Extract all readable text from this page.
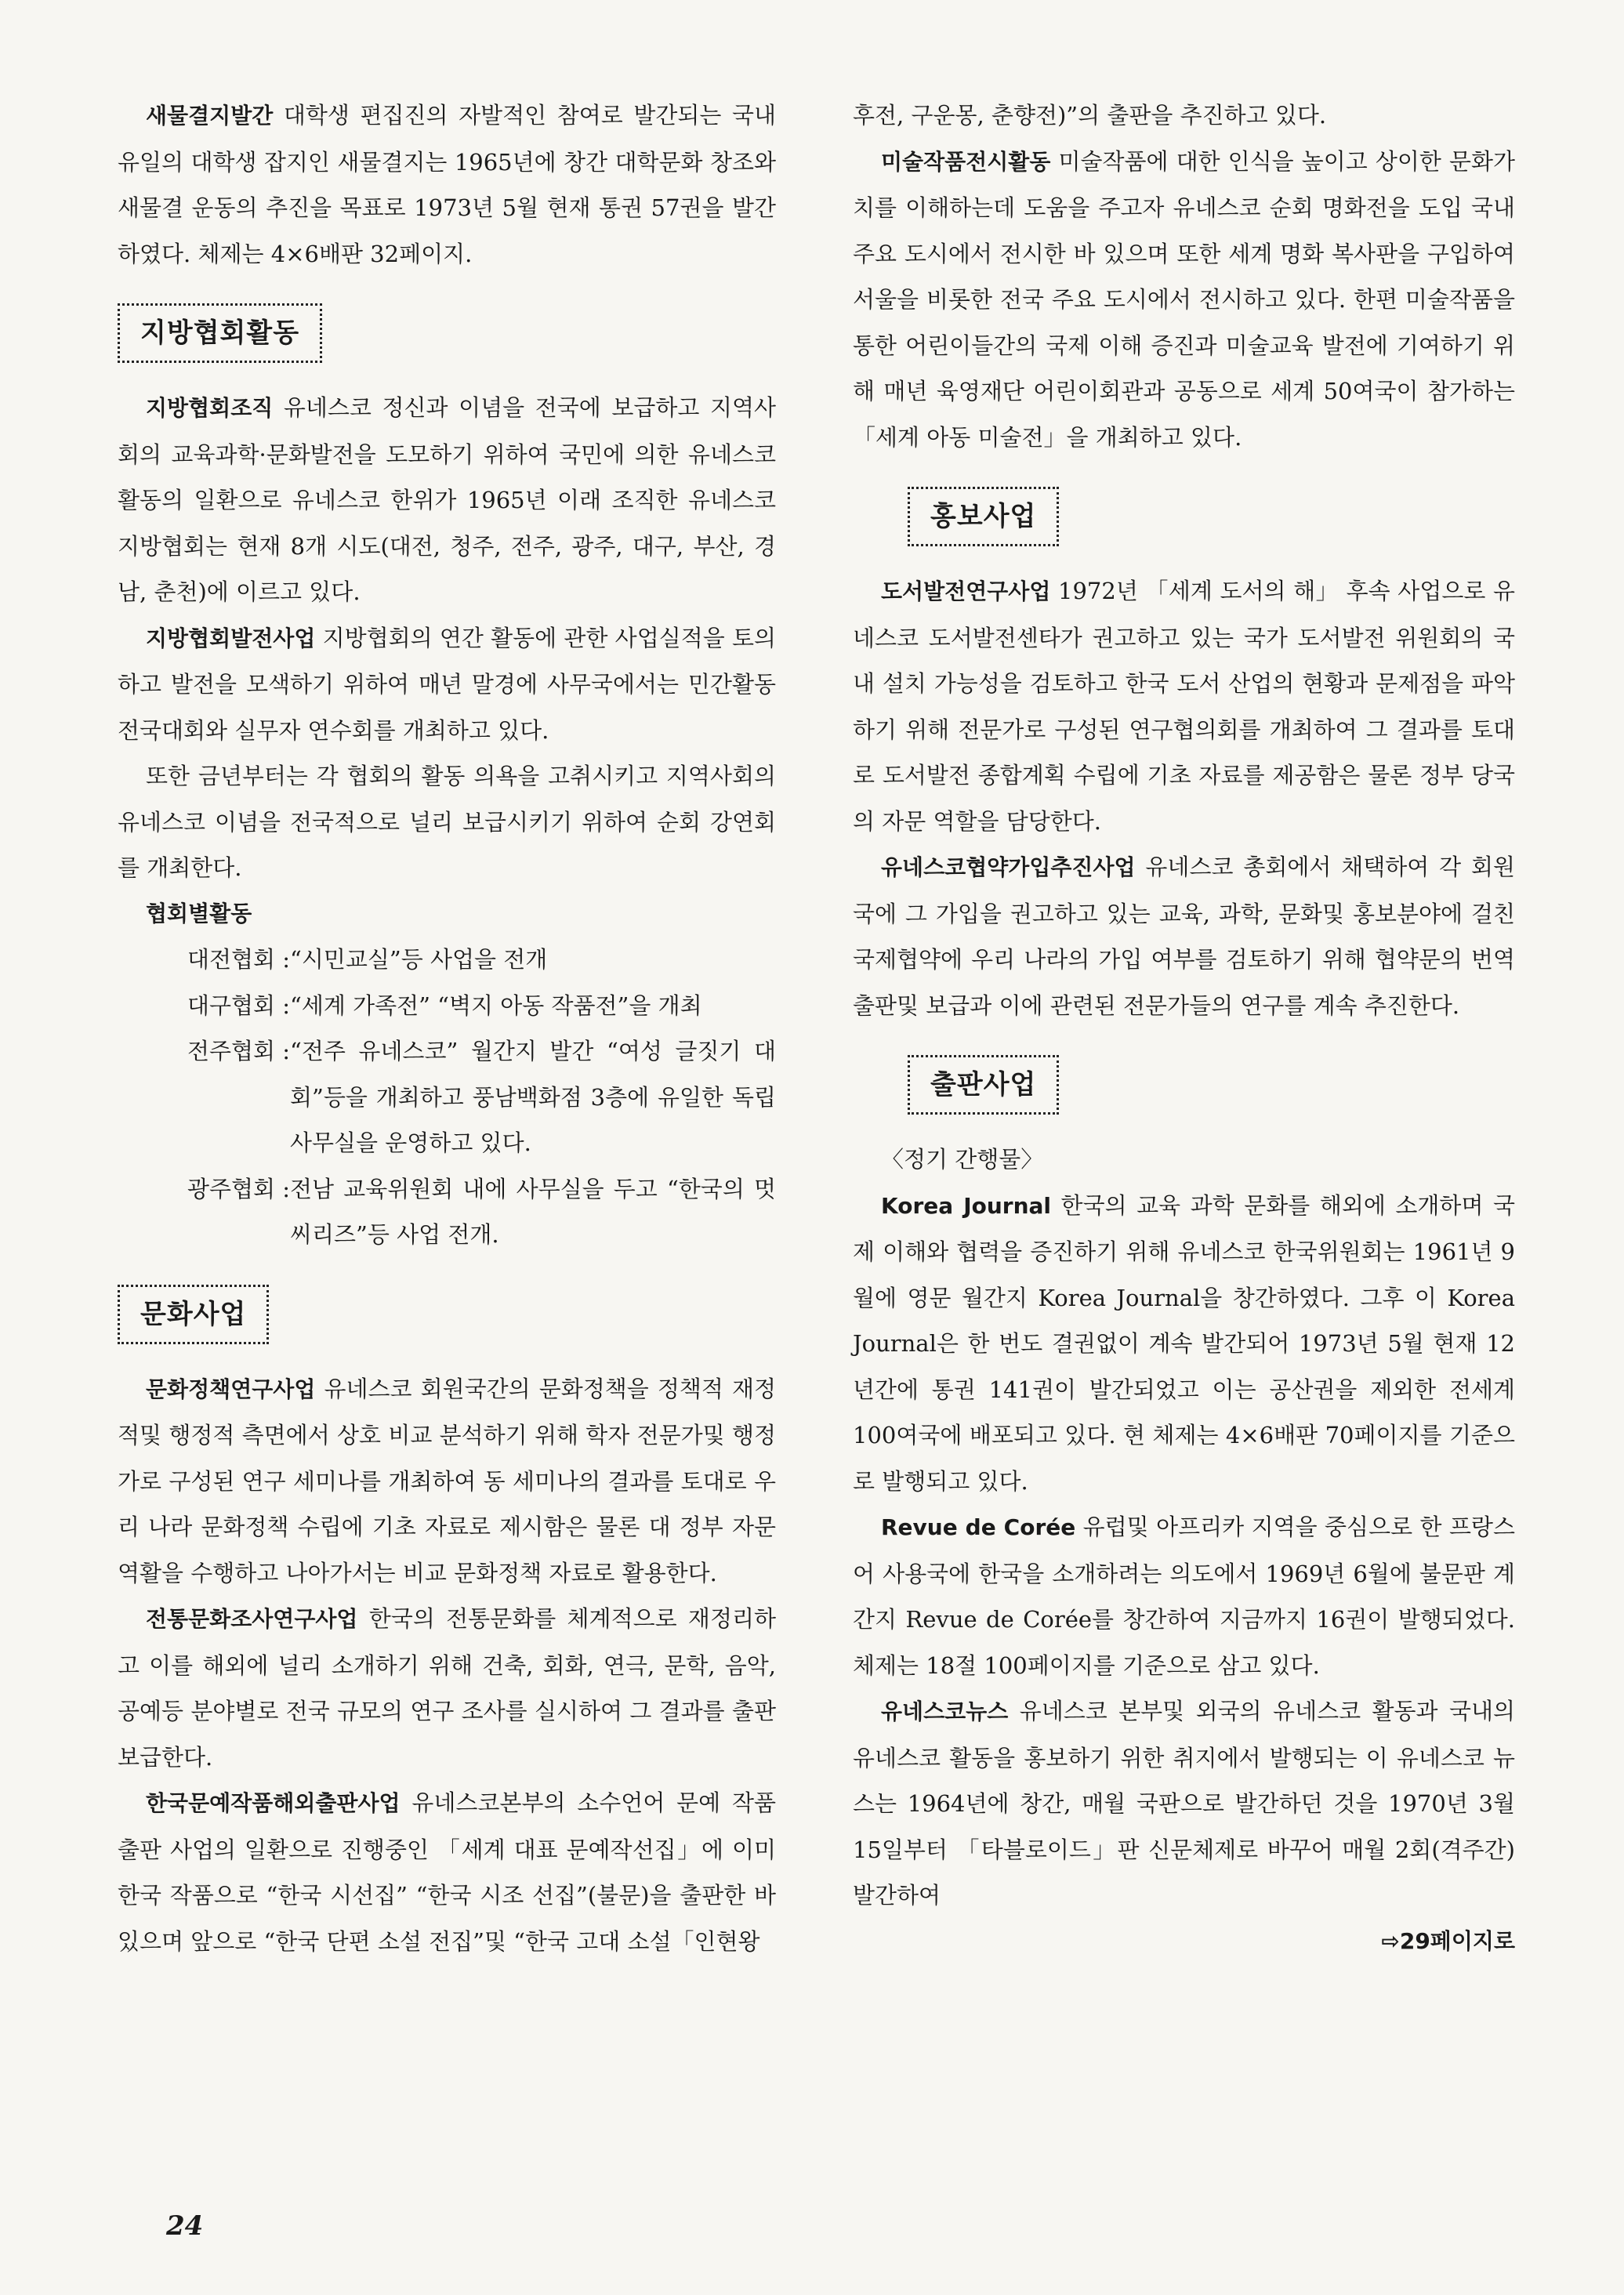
새물결지발간 대학생 편집진의 자발적인 참여로 발간되는 국내 유일의 대학생 잡지인 새물결지는 1965년에 창간 대학문화 창조와 새물결 운동의 추진을 목표로 1973년 5월 현재 통권 57권을 발간하였다. 체제는 4×6배판 32페이지.

지방협회활동

지방협회조직 유네스코 정신과 이념을 전국에 보급하고 지역사회의 교육과학·문화발전을 도모하기 위하여 국민에 의한 유네스코 활동의 일환으로 유네스코 한위가 1965년 이래 조직한 유네스코 지방협회는 현재 8개 시도(대전, 청주, 전주, 광주, 대구, 부산, 경남, 춘천)에 이르고 있다.

지방협회발전사업 지방협회의 연간 활동에 관한 사업실적을 토의하고 발전을 모색하기 위하여 매년 말경에 사무국에서는 민간활동 전국대회와 실무자 연수회를 개최하고 있다.

또한 금년부터는 각 협회의 활동 의욕을 고취시키고 지역사회의 유네스코 이념을 전국적으로 널리 보급시키기 위하여 순회 강연회를 개최한다.

협회별활동

대전협회 : “시민교실”등 사업을 전개
대구협회 : “세계 가족전” “벽지 아동 작품전”을 개최
전주협회 : “전주 유네스코” 월간지 발간 “여성 글짓기 대회”등을 개최하고 풍남백화점 3층에 유일한 독립 사무실을 운영하고 있다.
광주협회 : 전남 교육위원회 내에 사무실을 두고 “한국의 멋 씨리즈”등 사업 전개.
문화사업

문화정책연구사업 유네스코 회원국간의 문화정책을 정책적 재정적및 행정적 측면에서 상호 비교 분석하기 위해 학자 전문가및 행정가로 구성된 연구 세미나를 개최하여 동 세미나의 결과를 토대로 우리 나라 문화정책 수립에 기초 자료로 제시함은 물론 대 정부 자문역활을 수행하고 나아가서는 비교 문화정책 자료로 활용한다.

전통문화조사연구사업 한국의 전통문화를 체계적으로 재정리하고 이를 해외에 널리 소개하기 위해 건축, 회화, 연극, 문학, 음악, 공예등 분야별로 전국 규모의 연구 조사를 실시하여 그 결과를 출판 보급한다.

한국문예작품해외출판사업 유네스코본부의 소수언어 문예 작품 출판 사업의 일환으로 진행중인 「세계 대표 문예작선집」에 이미 한국 작품으로 “한국 시선집” “한국 시조 선집”(불문)을 출판한 바 있으며 앞으로 “한국 단편 소설 전집”및 “한국 고대 소설「인현왕

후전, 구운몽, 춘향전)”의 출판을 추진하고 있다.

미술작품전시활동 미술작품에 대한 인식을 높이고 상이한 문화가치를 이해하는데 도움을 주고자 유네스코 순회 명화전을 도입 국내 주요 도시에서 전시한 바 있으며 또한 세계 명화 복사판을 구입하여 서울을 비롯한 전국 주요 도시에서 전시하고 있다. 한편 미술작품을 통한 어린이들간의 국제 이해 증진과 미술교육 발전에 기여하기 위해 매년 육영재단 어린이회관과 공동으로 세계 50여국이 참가하는「세계 아동 미술전」을 개최하고 있다.

홍보사업

도서발전연구사업 1972년 「세계 도서의 해」 후속 사업으로 유네스코 도서발전센타가 권고하고 있는 국가 도서발전 위원회의 국내 설치 가능성을 검토하고 한국 도서 산업의 현황과 문제점을 파악하기 위해 전문가로 구성된 연구협의회를 개최하여 그 결과를 토대로 도서발전 종합계획 수립에 기초 자료를 제공함은 물론 정부 당국의 자문 역할을 담당한다.

유네스코협약가입추진사업 유네스코 총회에서 채택하여 각 회원국에 그 가입을 권고하고 있는 교육, 과학, 문화및 홍보분야에 걸친 국제협약에 우리 나라의 가입 여부를 검토하기 위해 협약문의 번역 출판및 보급과 이에 관련된 전문가들의 연구를 계속 추진한다.

출판사업

〈정기 간행물〉

Korea Journal 한국의 교육 과학 문화를 해외에 소개하며 국제 이해와 협력을 증진하기 위해 유네스코 한국위원회는 1961년 9월에 영문 월간지 Korea Journal을 창간하였다. 그후 이 Korea Journal은 한 번도 결권없이 계속 발간되어 1973년 5월 현재 12년간에 통권 141권이 발간되었고 이는 공산권을 제외한 전세계 100여국에 배포되고 있다. 현 체제는 4×6배판 70페이지를 기준으로 발행되고 있다.

Revue de Corée 유럽및 아프리카 지역을 중심으로 한 프랑스어 사용국에 한국을 소개하려는 의도에서 1969년 6월에 불문판 계간지 Revue de Corée를 창간하여 지금까지 16권이 발행되었다. 체제는 18절 100페이지를 기준으로 삼고 있다.

유네스코뉴스 유네스코 본부및 외국의 유네스코 활동과 국내의 유네스코 활동을 홍보하기 위한 취지에서 발행되는 이 유네스코 뉴스는 1964년에 창간, 매월 국판으로 발간하던 것을 1970년 3월 15일부터 「타블로이드」판 신문체제로 바꾸어 매월 2회(격주간) 발간하여

⇨29페이지로
24
